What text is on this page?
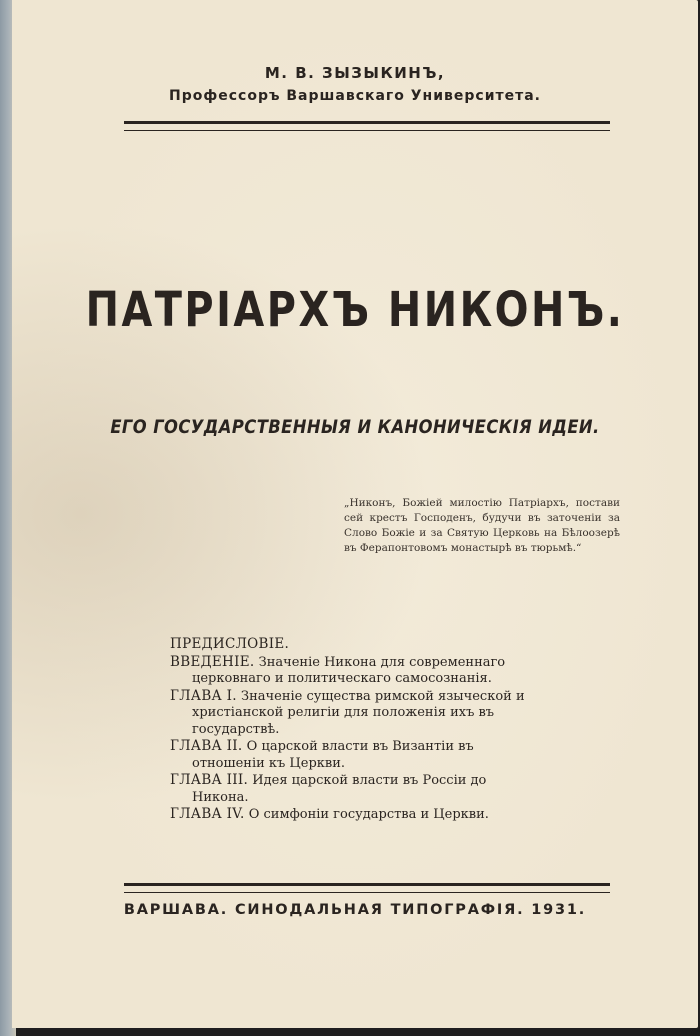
М. В. ЗЫЗЫКИНЪ,
Профессоръ Варшавскаго Университета.
ПАТРІАРХЪ НИКОНЪ.
ЕГО ГОСУДАРСТВЕННЫЯ И КАНОНИЧЕСКІЯ ИДЕИ.
„Никонъ, Божiей милостiю Патрiархъ, постави сей крестъ Господенъ, будучи въ заточенiи за Слово Божiе и за Святую Церковь на Бѣлоозерѣ въ Ферапонтовомъ монастырѣ въ тюрьмѣ.“

ПРЕДИСЛОВІЕ.

ВВЕДЕНІЕ. Значеніе Никона для современнаго
церковнаго и политическаго самосознанія.

ГЛАВА I. Значеніе существа римской языческой и
христіанской религіи для положенія ихъ въ государствѣ.

ГЛАВА II. О царской власти въ Византіи въ
отношеніи къ Церкви.

ГЛАВА III. Идея царской власти въ Россіи до
Никона.

ГЛАВА IV. О симфоніи государства и Церкви.

ВАРШАВА. СИНОДАЛЬНАЯ ТИПОГРАФІЯ. 1931.
